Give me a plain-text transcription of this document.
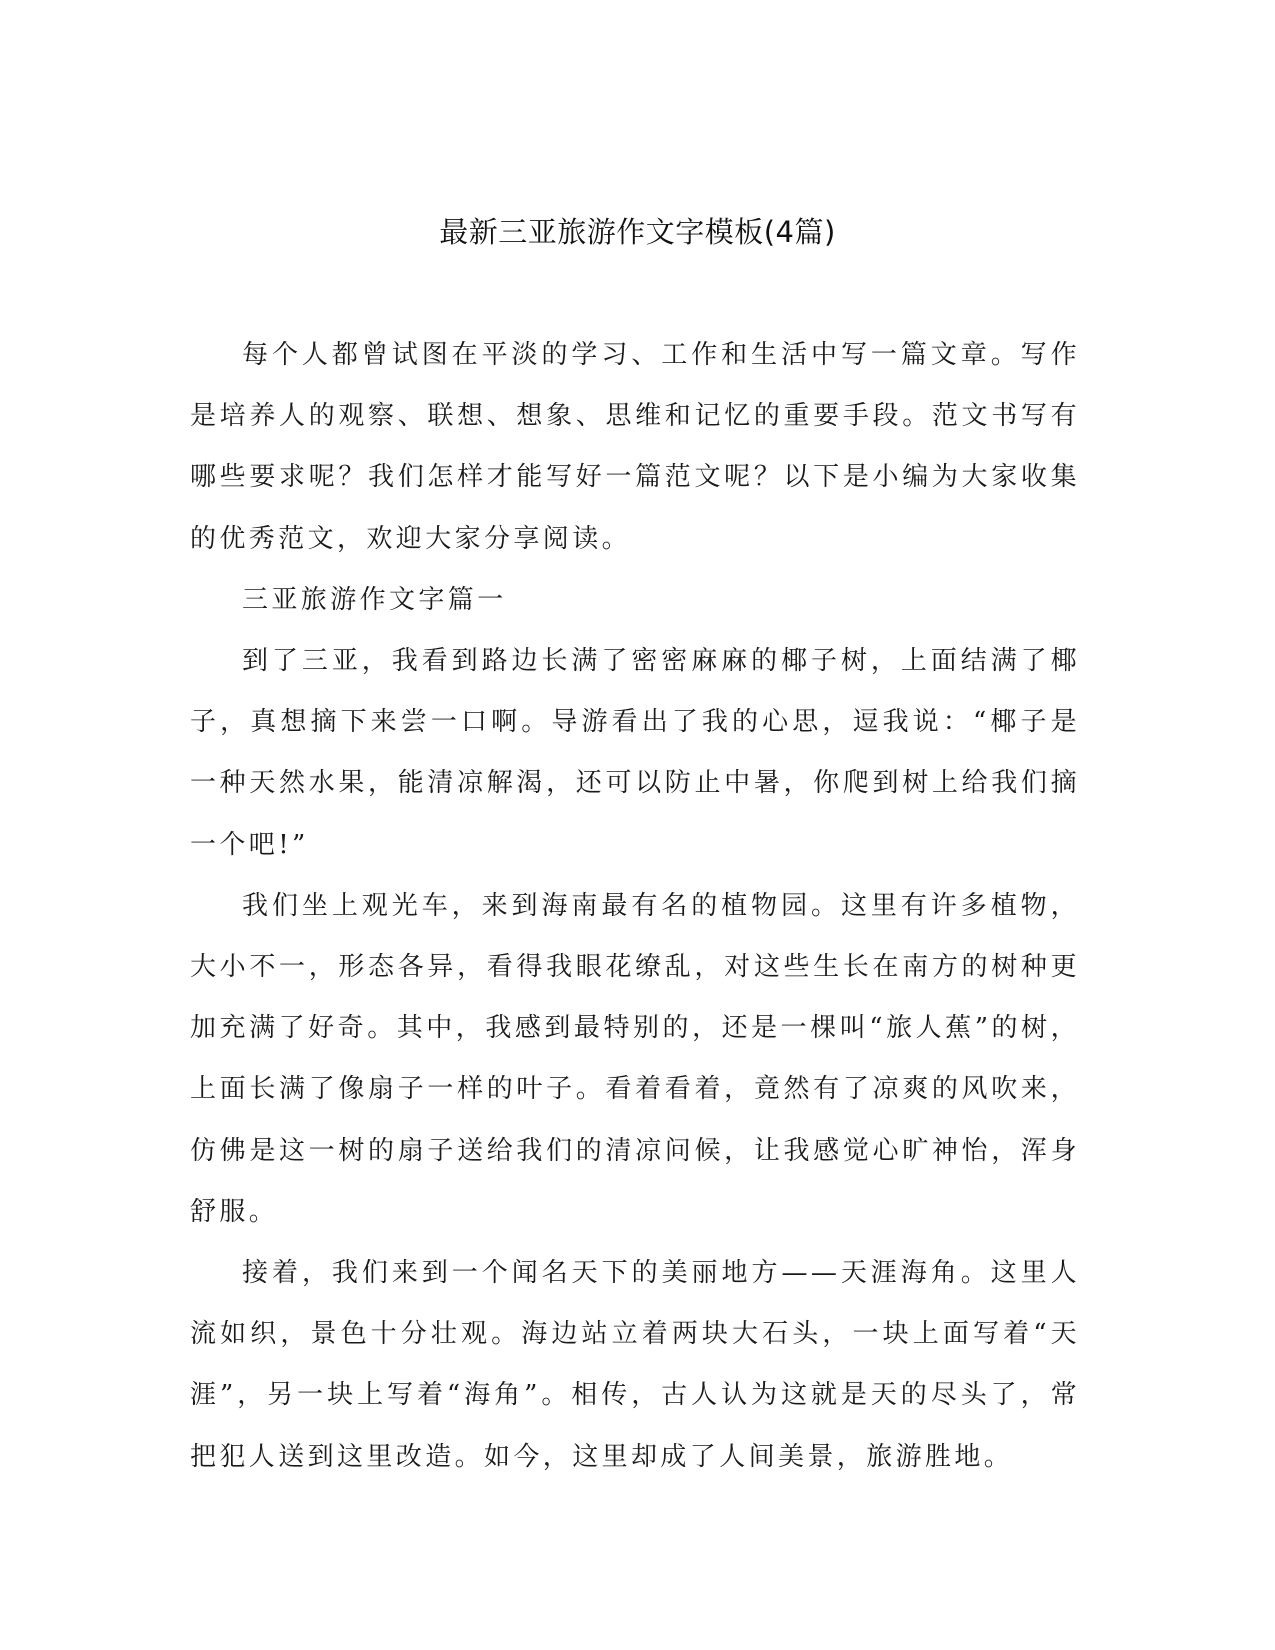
最新三亚旅游作文字模板(4篇)

每个人都曾试图在平淡的学习、工作和生活中写一篇文章。写作是培养人的观察、联想、想象、思维和记忆的重要手段。范文书写有哪些要求呢？我们怎样才能写好一篇范文呢？以下是小编为大家收集的优秀范文，欢迎大家分享阅读。

三亚旅游作文字篇一

到了三亚，我看到路边长满了密密麻麻的椰子树，上面结满了椰子，真想摘下来尝一口啊。导游看出了我的心思，逗我说：“椰子是一种天然水果，能清凉解渴，还可以防止中暑，你爬到树上给我们摘一个吧!”

我们坐上观光车，来到海南最有名的植物园。这里有许多植物，大小不一，形态各异，看得我眼花缭乱，对这些生长在南方的树种更加充满了好奇。其中，我感到最特别的，还是一棵叫“旅人蕉”的树，上面长满了像扇子一样的叶子。看着看着，竟然有了凉爽的风吹来，仿佛是这一树的扇子送给我们的清凉问候，让我感觉心旷神怡，浑身舒服。

接着，我们来到一个闻名天下的美丽地方——天涯海角。这里人流如织，景色十分壮观。海边站立着两块大石头，一块上面写着“天涯”，另一块上写着“海角”。相传，古人认为这就是天的尽头了，常把犯人送到这里改造。如今，这里却成了人间美景，旅游胜地。
